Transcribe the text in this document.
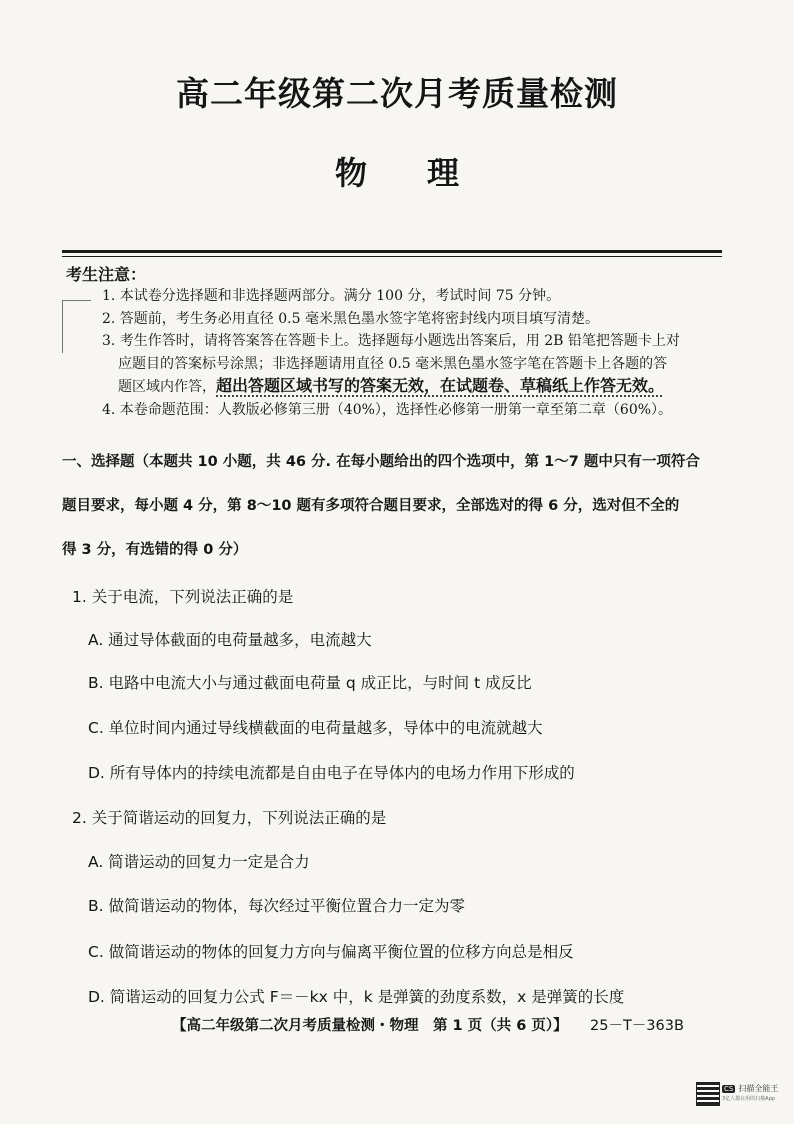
高二年级第二次月考质量检测
物理
考生注意：

1. 本试卷分选择题和非选择题两部分。满分 100 分，考试时间 75 分钟。

2. 答题前，考生务必用直径 0.5 毫米黑色墨水签字笔将密封线内项目填写清楚。

3. 考生作答时，请将答案答在答题卡上。选择题每小题选出答案后，用 2B 铅笔把答题卡上对

应题目的答案标号涂黑；非选择题请用直径 0.5 毫米黑色墨水签字笔在答题卡上各题的答

题区域内作答，超出答题区域书写的答案无效，在试题卷、草稿纸上作答无效。

4. 本卷命题范围：人教版必修第三册（40%），选择性必修第一册第一章至第二章（60%）。

一、选择题（本题共 10 小题，共 46 分. 在每小题给出的四个选项中，第 1～7 题中只有一项符合

题目要求，每小题 4 分，第 8～10 题有多项符合题目要求，全部选对的得 6 分，选对但不全的

得 3 分，有选错的得 0 分）

1. 关于电流，下列说法正确的是
A. 通过导体截面的电荷量越多，电流越大
B. 电路中电流大小与通过截面电荷量 q 成正比，与时间 t 成反比
C. 单位时间内通过导线横截面的电荷量越多，导体中的电流就越大
D. 所有导体内的持续电流都是自由电子在导体内的电场力作用下形成的
2. 关于简谐运动的回复力，下列说法正确的是
A. 简谐运动的回复力一定是合力
B. 做简谐运动的物体，每次经过平衡位置合力一定为零
C. 做简谐运动的物体的回复力方向与偏离平衡位置的位移方向总是相反
D. 简谐运动的回复力公式 F＝－kx 中，k 是弹簧的劲度系数，x 是弹簧的长度
【高二年级第二次月考质量检测・物理　第 1 页（共 6 页）】 25－T－363B
CS 扫描全能王
3亿人都在用的扫描App
